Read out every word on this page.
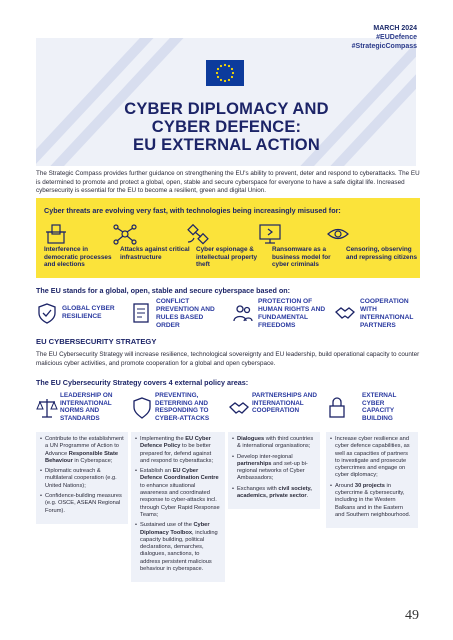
MARCH 2024
#EUDefence
#StrategicCompass
CYBER DIPLOMACY AND
CYBER DEFENCE:
EU EXTERNAL ACTION

The Strategic Compass provides further guidance on strengthening the EU's ability to prevent, deter and respond to cyberattacks. The EU is determined to promote and protect a global, open, stable and secure cyberspace for everyone to have a safe digital life. Increased cybersecurity is essential for the EU to become a resilient, green and digital Union.

Cyber threats are evolving very fast, with technologies being increasingly misused for:
Interference in democratic processes and elections
Attacks against critical infrastructure
Cyber espionage & intellectual property theft
Ransomware as a business model for cyber criminals
Censoring, observing and repressing citizens
The EU stands for a global, open, stable and secure cyberspace based on:
GLOBAL CYBER RESILIENCE
CONFLICT PREVENTION AND RULES BASED ORDER
PROTECTION OF HUMAN RIGHTS AND FUNDAMENTAL FREEDOMS
COOPERATION WITH INTERNATIONAL PARTNERS
EU CYBERSECURITY STRATEGY

The EU Cybersecurity Strategy will increase resilience, technological sovereignty and EU leadership, build operational capacity to counter malicious cyber activities, and promote cooperation for a global and open cyberspace.

The EU Cybersecurity Strategy covers 4 external policy areas:
LEADERSHIP ON INTERNATIONAL NORMS AND STANDARDS
• Contribute to the establishment a UN Programme of Action to Advance Responsible State Behaviour in Cyberspace;
• Diplomatic outreach & multilateral cooperation (e.g. United Nations);
• Confidence-building measures (e.g. OSCE, ASEAN Regional Forum).
PREVENTING, DETERRING AND RESPONDING TO CYBER-ATTACKS
• Implementing the EU Cyber Defence Policy to be better prepared for, defend against and respond to cyberattacks;
• Establish an EU Cyber Defence Coordination Centre to enhance situational awareness and coordinated response to cyber-attacks incl. through Cyber Rapid Response Teams;
• Sustained use of the Cyber Diplomacy Toolbox, including capacity building, political declarations, demarches, dialogues, sanctions, to address persistent malicious behaviour in cyberspace.
PARTNERSHIPS AND INTERNATIONAL COOPERATION
• Dialogues with third countries & international organisations;
• Develop inter-regional partnerships and set-up bi-regional networks of Cyber Ambassadors;
• Exchanges with civil society, academics, private sector.
EXTERNAL CYBER CAPACITY BUILDING
• Increase cyber resilience and cyber defence capabilities, as well as capacities of partners to investigate and prosecute cybercrimes and engage on cyber diplomacy;
• Around 30 projects in cybercrime & cybersecurity, including in the Western Balkans and in the Eastern and Southern neighbourhood.
49
